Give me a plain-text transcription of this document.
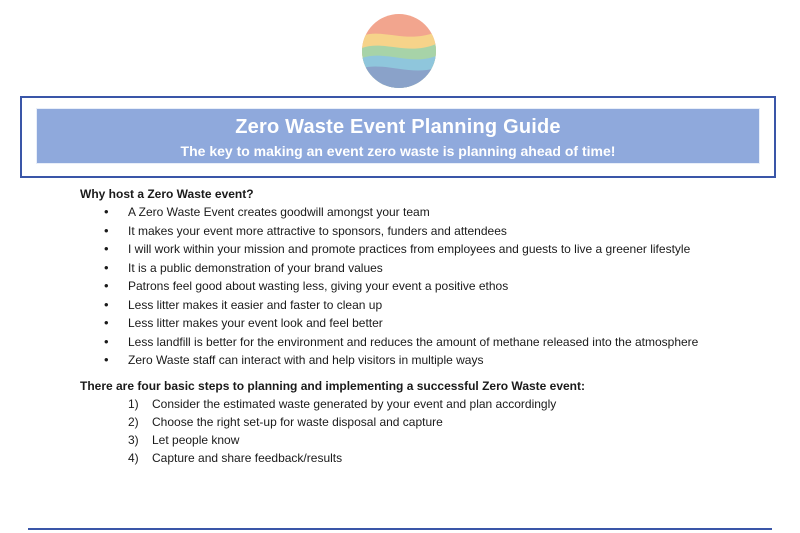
Zero Waste Event Planning Guide
The key to making an event zero waste is planning ahead of time!
Why host a Zero Waste event?
• A Zero Waste Event creates goodwill amongst your team
• It makes your event more attractive to sponsors, funders and attendees
• I will work within your mission and promote practices from employees and guests to live a greener lifestyle
• It is a public demonstration of your brand values
• Patrons feel good about wasting less, giving your event a positive ethos
• Less litter makes it easier and faster to clean up
• Less litter makes your event look and feel better
• Less landfill is better for the environment and reduces the amount of methane released into the atmosphere
• Zero Waste staff can interact with and help visitors in multiple ways
There are four basic steps to planning and implementing a successful Zero Waste event:
1) Consider the estimated waste generated by your event and plan accordingly
2) Choose the right set-up for waste disposal and capture
3) Let people know
4) Capture and share feedback/results
